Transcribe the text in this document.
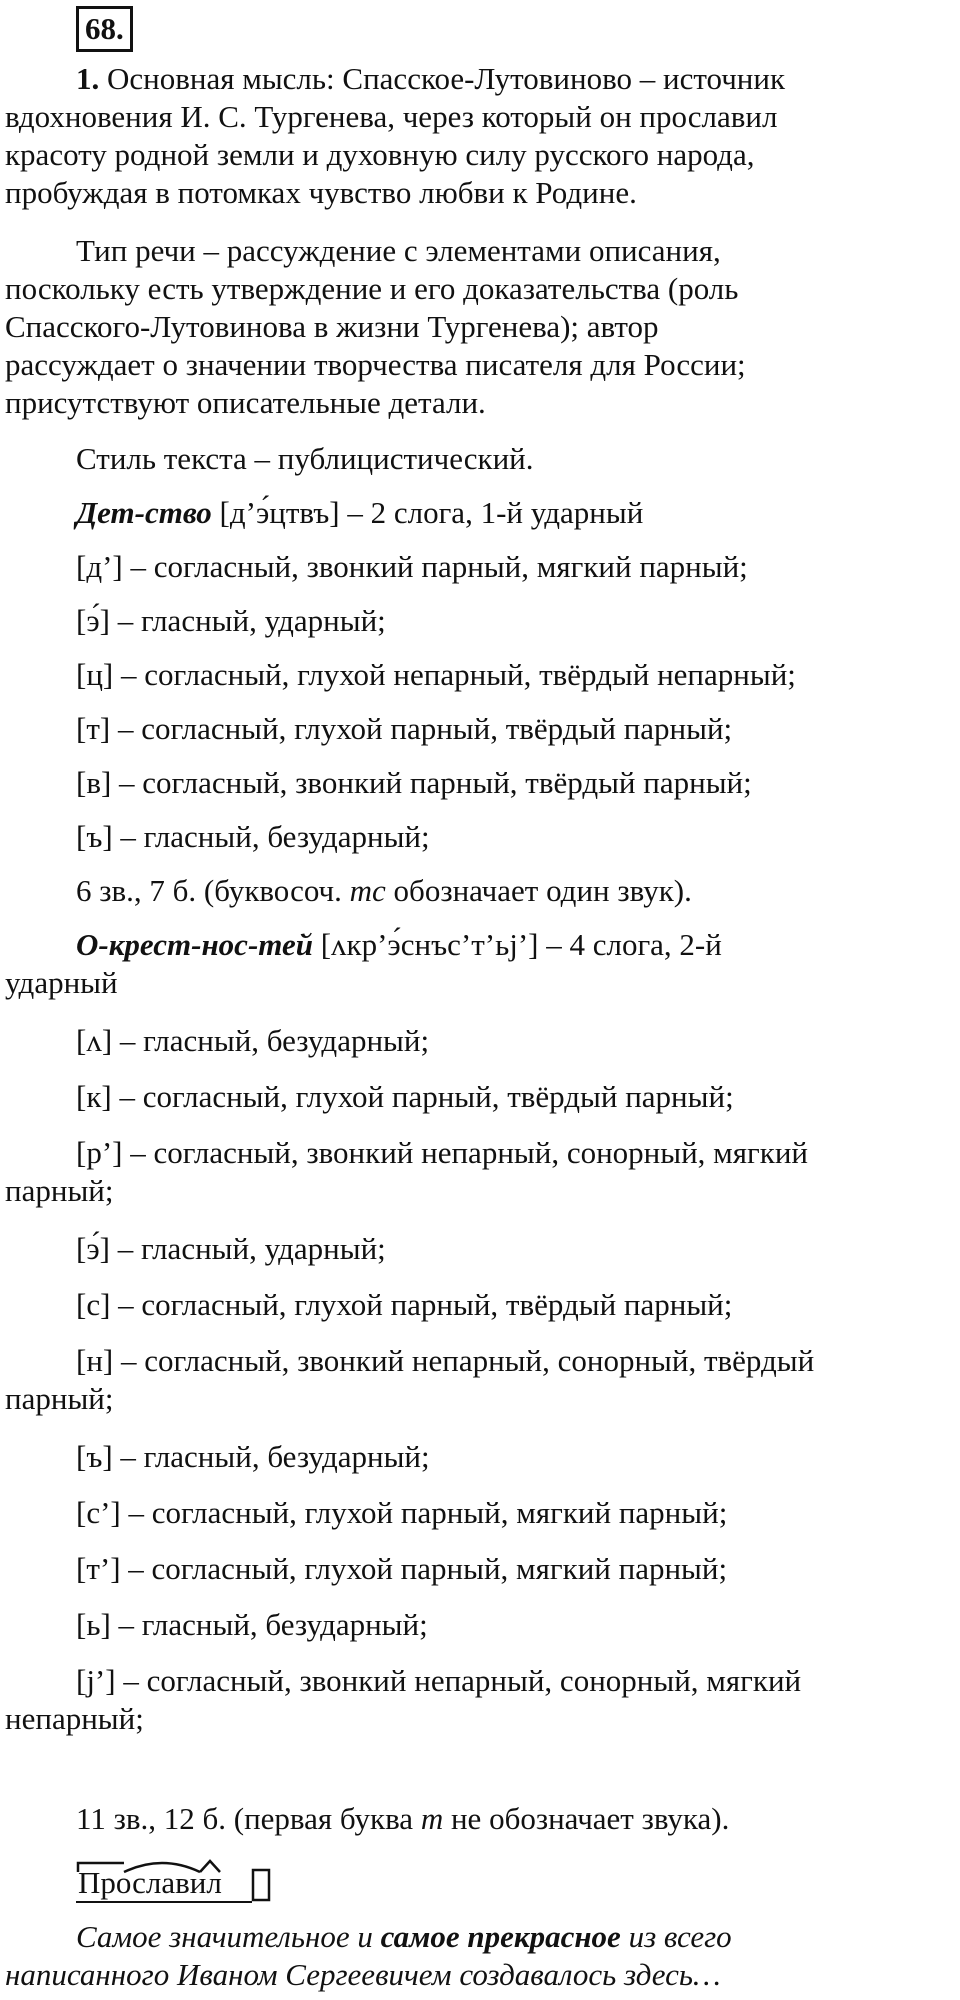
68.
1. Основная мысль: Спасское-Лутовиново – источник
вдохновения И. С. Тургенева, через который он прославил
красоту родной земли и духовную силу русского народа,
пробуждая в потомках чувство любви к Родине.
Тип речи – рассуждение с элементами описания,
поскольку есть утверждение и его доказательства (роль
Спасского-Лутовинова в жизни Тургенева); автор
рассуждает о значении творчества писателя для России;
присутствуют описательные детали.
Стиль текста – публицистический.
Дет-ство [д’э́цтвъ] – 2 слога, 1-й ударный
[д’] – согласный, звонкий парный, мягкий парный;
[э́] – гласный, ударный;
[ц] – согласный, глухой непарный, твёрдый непарный;
[т] – согласный, глухой парный, твёрдый парный;
[в] – согласный, звонкий парный, твёрдый парный;
[ъ] – гласный, безударный;
6 зв., 7 б. (буквосоч. тс обозначает один звук).
О-крест-нос-тей [ʌкр’э́снъс’т’ьj’] – 4 слога, 2-й
ударный
[ʌ] – гласный, безударный;
[к] – согласный, глухой парный, твёрдый парный;
[р’] – согласный, звонкий непарный, сонорный, мягкий
парный;
[э́] – гласный, ударный;
[с] – согласный, глухой парный, твёрдый парный;
[н] – согласный, звонкий непарный, сонорный, твёрдый
парный;
[ъ] – гласный, безударный;
[с’] – согласный, глухой парный, мягкий парный;
[т’] – согласный, глухой парный, мягкий парный;
[ь] – гласный, безударный;
[j’] – согласный, звонкий непарный, сонорный, мягкий
непарный;
11 зв., 12 б. (первая буква т не обозначает звука).
Прославил
Самое значительное и самое прекрасное из всего
написанного Иваном Сергеевичем создавалось здесь…
